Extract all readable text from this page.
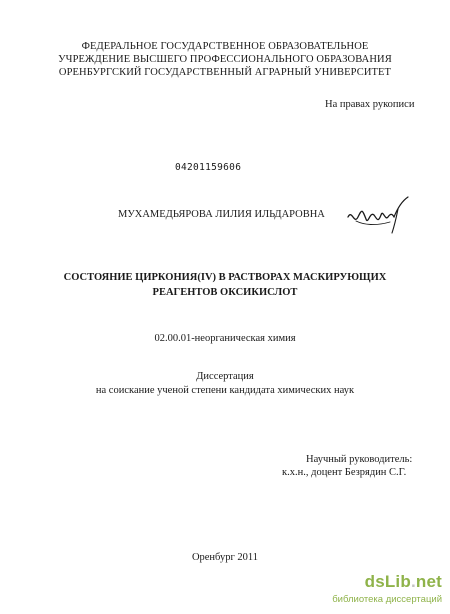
ФЕДЕРАЛЬНОЕ ГОСУДАРСТВЕННОЕ ОБРАЗОВАТЕЛЬНОЕ
УЧРЕЖДЕНИЕ ВЫСШЕГО ПРОФЕССИОНАЛЬНОГО ОБРАЗОВАНИЯ
ОРЕНБУРГСКИЙ ГОСУДАРСТВЕННЫЙ АГРАРНЫЙ УНИВЕРСИТЕТ
На правах рукописи
04201159606
МУХАМЕДЬЯРОВА ЛИЛИЯ ИЛЬДАРОВНА
СОСТОЯНИЕ ЦИРКОНИЯ(IV) В РАСТВОРАХ МАСКИРУЮЩИХ
РЕАГЕНТОВ ОКСИКИСЛОТ
02.00.01-неорганическая химия
Диссертация
на соискание ученой степени кандидата химических наук
Научный руководитель:
к.х.н., доцент Безрядин С.Г.
Оренбург 2011
dsLib.net
библиотека диссертаций
